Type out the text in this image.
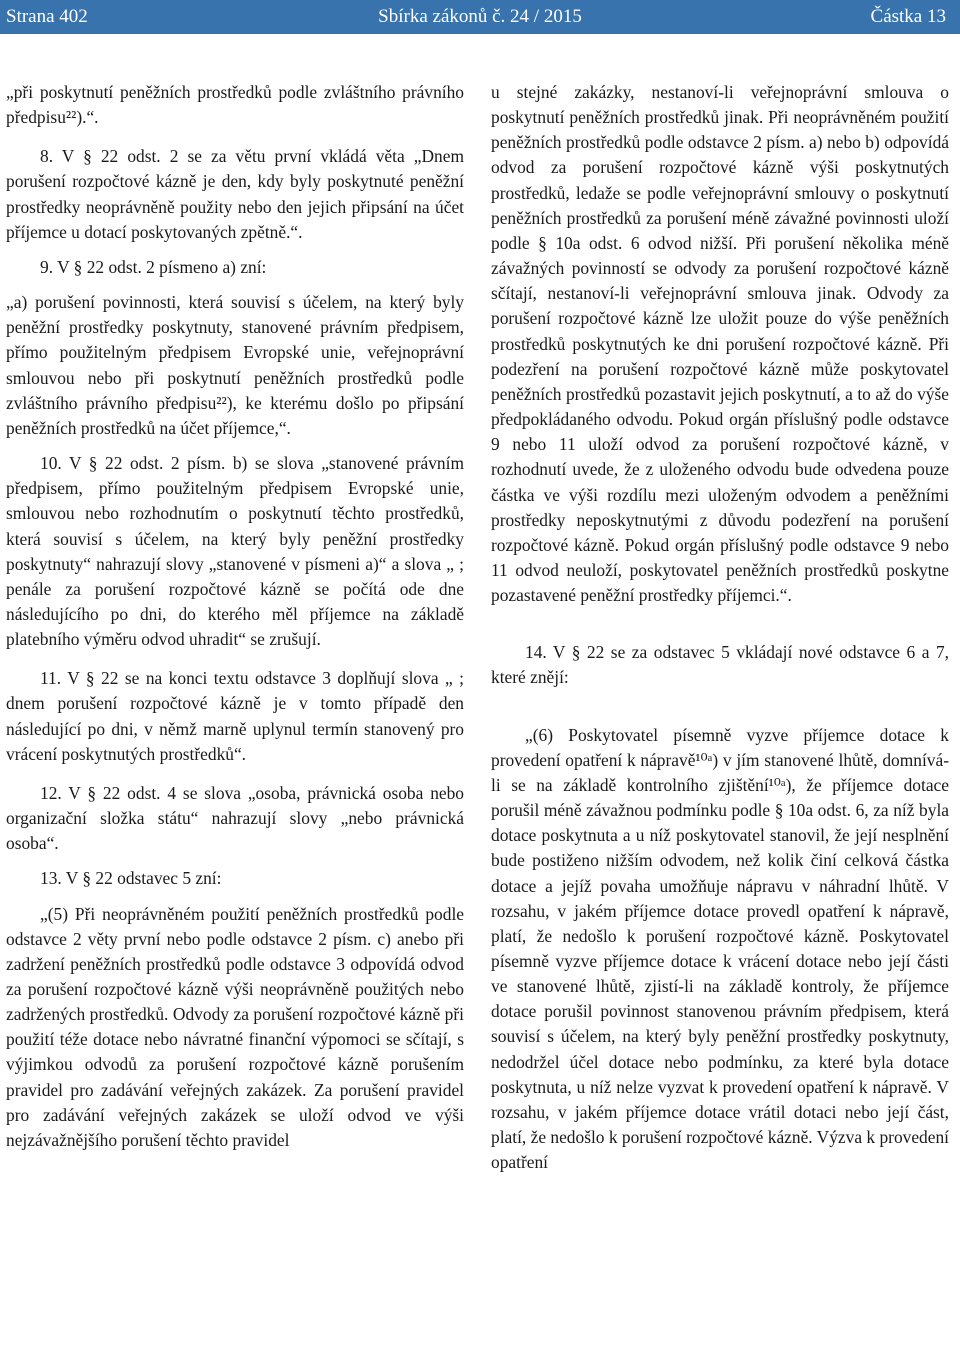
Strana 402	Sbírka zákonů č. 24 / 2015	Částka 13

„při poskytnutí peněžních prostředků podle zvláštního právního předpisu²²).“.

8. V § 22 odst. 2 se za větu první vkládá věta „Dnem porušení rozpočtové kázně je den, kdy byly poskytnuté peněžní prostředky neoprávněně použity nebo den jejich připsání na účet příjemce u dotací poskytovaných zpětně.“.

9. V § 22 odst. 2 písmeno a) zní:

„a) porušení povinnosti, která souvisí s účelem, na který byly peněžní prostředky poskytnuty, stanovené právním předpisem, přímo použitelným předpisem Evropské unie, veřejnoprávní smlouvou nebo při poskytnutí peněžních prostředků podle zvláštního právního předpisu²²), ke kterému došlo po připsání peněžních prostředků na účet příjemce,“.

10. V § 22 odst. 2 písm. b) se slova „stanovené právním předpisem, přímo použitelným předpisem Evropské unie, smlouvou nebo rozhodnutím o poskytnutí těchto prostředků, která souvisí s účelem, na který byly peněžní prostředky poskytnuty“ nahrazují slovy „stanovené v písmeni a)“ a slova „ ; penále za porušení rozpočtové kázně se počítá ode dne následujícího po dni, do kterého měl příjemce na základě platebního výměru odvod uhradit“ se zrušují.

11. V § 22 se na konci textu odstavce 3 doplňují slova „ ; dnem porušení rozpočtové kázně je v tomto případě den následující po dni, v němž marně uplynul termín stanovený pro vrácení poskytnutých prostředků“.

12. V § 22 odst. 4 se slova „osoba, právnická osoba nebo organizační složka státu“ nahrazují slovy „nebo právnická osoba“.

13. V § 22 odstavec 5 zní:

„(5) Při neoprávněném použití peněžních prostředků podle odstavce 2 věty první nebo podle odstavce 2 písm. c) anebo při zadržení peněžních prostředků podle odstavce 3 odpovídá odvod za porušení rozpočtové kázně výši neoprávněně použitých nebo zadržených prostředků. Odvody za porušení rozpočtové kázně při použití téže dotace nebo návratné finanční výpomoci se sčítají, s výjimkou odvodů za porušení rozpočtové kázně porušením pravidel pro zadávání veřejných zakázek. Za porušení pravidel pro zadávání veřejných zakázek se uloží odvod ve výši nejzávažnějšího porušení těchto pravidel

u stejné zakázky, nestanoví-li veřejnoprávní smlouva o poskytnutí peněžních prostředků jinak. Při neoprávněném použití peněžních prostředků podle odstavce 2 písm. a) nebo b) odpovídá odvod za porušení rozpočtové kázně výši poskytnutých prostředků, ledaže se podle veřejnoprávní smlouvy o poskytnutí peněžních prostředků za porušení méně závažné povinnosti uloží podle § 10a odst. 6 odvod nižší. Při porušení několika méně závažných povinností se odvody za porušení rozpočtové kázně sčítají, nestanoví-li veřejnoprávní smlouva jinak. Odvody za porušení rozpočtové kázně lze uložit pouze do výše peněžních prostředků poskytnutých ke dni porušení rozpočtové kázně. Při podezření na porušení rozpočtové kázně může poskytovatel peněžních prostředků pozastavit jejich poskytnutí, a to až do výše předpokládaného odvodu. Pokud orgán příslušný podle odstavce 9 nebo 11 uloží odvod za porušení rozpočtové kázně, v rozhodnutí uvede, že z uloženého odvodu bude odvedena pouze částka ve výši rozdílu mezi uloženým odvodem a peněžními prostředky neposkytnutými z důvodu podezření na porušení rozpočtové kázně. Pokud orgán příslušný podle odstavce 9 nebo 11 odvod neuloží, poskytovatel peněžních prostředků poskytne pozastavené peněžní prostředky příjemci.“.

14. V § 22 se za odstavec 5 vkládají nové odstavce 6 a 7, které znějí:

„(6) Poskytovatel písemně vyzve příjemce dotace k provedení opatření k nápravě¹⁰ᵃ) v jím stanovené lhůtě, domnívá-li se na základě kontrolního zjištění¹⁰ᵃ), že příjemce dotace porušil méně závažnou podmínku podle § 10a odst. 6, za níž byla dotace poskytnuta a u níž poskytovatel stanovil, že její nesplnění bude postiženo nižším odvodem, než kolik činí celková částka dotace a jejíž povaha umožňuje nápravu v náhradní lhůtě. V rozsahu, v jakém příjemce dotace provedl opatření k nápravě, platí, že nedošlo k porušení rozpočtové kázně. Poskytovatel písemně vyzve příjemce dotace k vrácení dotace nebo její části ve stanovené lhůtě, zjistí-li na základě kontroly, že příjemce dotace porušil povinnost stanovenou právním předpisem, která souvisí s účelem, na který byly peněžní prostředky poskytnuty, nedodržel účel dotace nebo podmínku, za které byla dotace poskytnuta, u níž nelze vyzvat k provedení opatření k nápravě. V rozsahu, v jakém příjemce dotace vrátil dotaci nebo její část, platí, že nedošlo k porušení rozpočtové kázně. Výzva k provedení opatření
